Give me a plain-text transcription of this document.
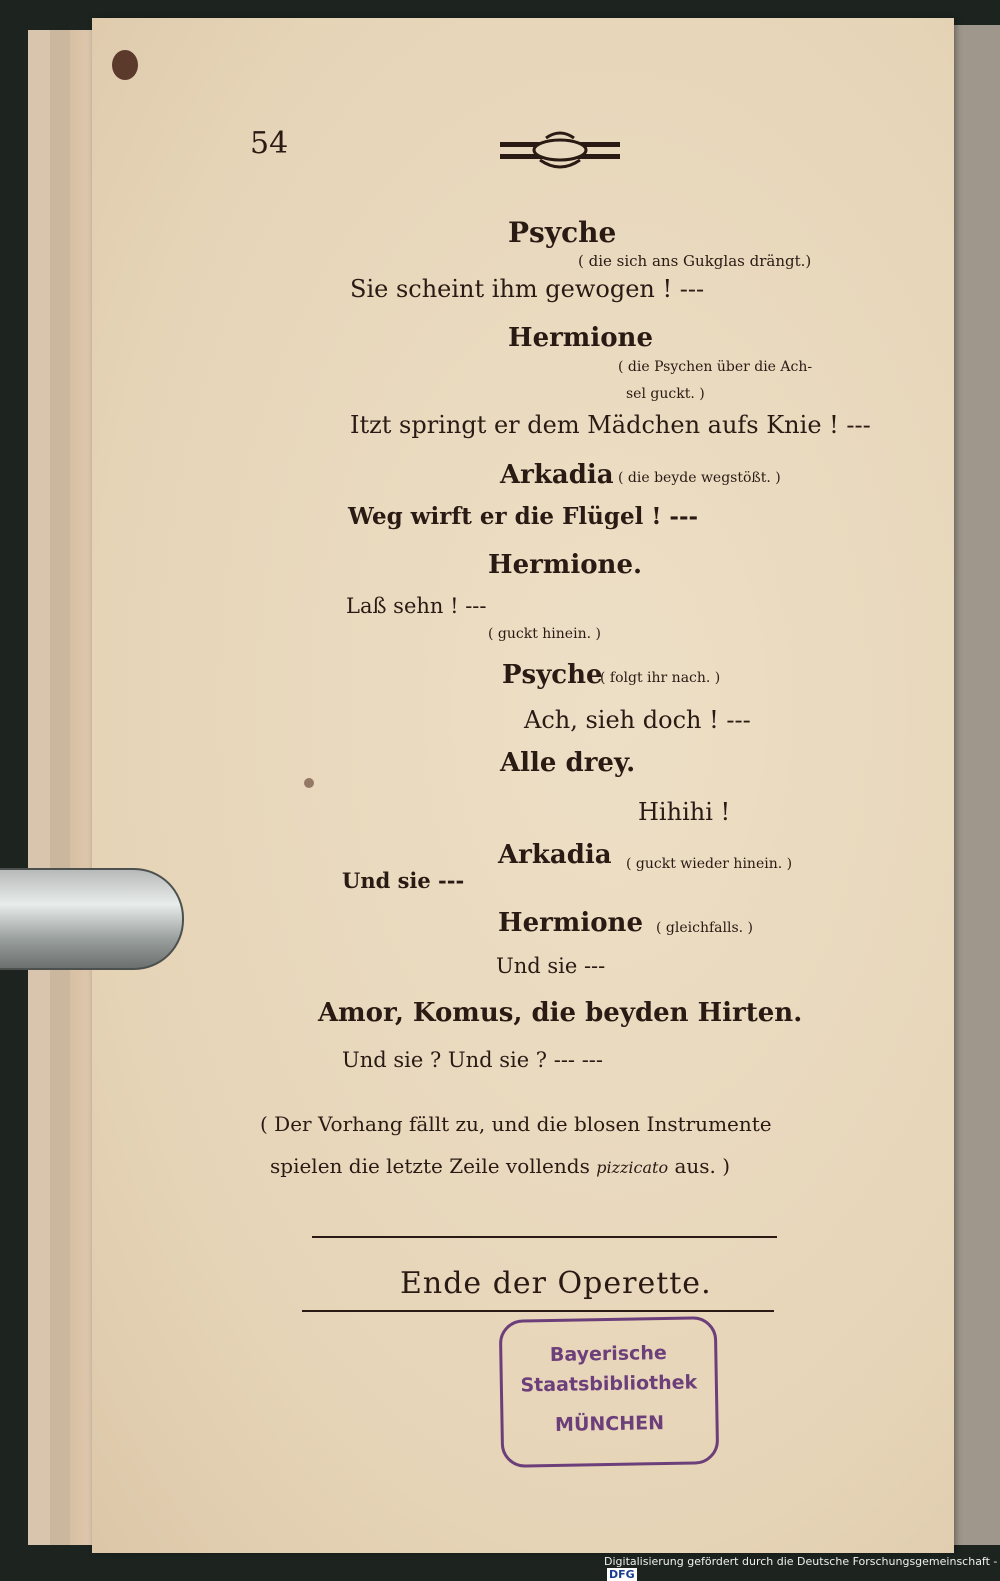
54
Psyche
( die sich ans Gukglas drängt.)
Sie scheint ihm gewogen ! ---
Hermione
( die Psychen über die Ach-
sel guckt. )
Itzt springt er dem Mädchen aufs Knie ! ---
Arkadia ( die beyde wegstößt. )
Weg wirft er die Flügel ! ---
Hermione.
Laß sehn ! ---
( guckt hinein. )
Psyche
( folgt ihr nach. )
Ach, sieh doch ! ---
Alle drey.
Hihihi !
Arkadia ( guckt wieder hinein. )
Und sie ---
Hermione ( gleichfalls. )
Und sie ---
Amor, Komus, die beyden Hirten.
Und sie ? Und sie ? --- ---
( Der Vorhang fällt zu, und die blosen Instrumente
spielen die letzte Zeile vollends pizzicato aus. )
Ende der Operette.
Bayerische
Staatsbibliothek
MÜNCHEN
Digitalisierung gefördert durch die Deutsche Forschungsgemeinschaft -DFG
